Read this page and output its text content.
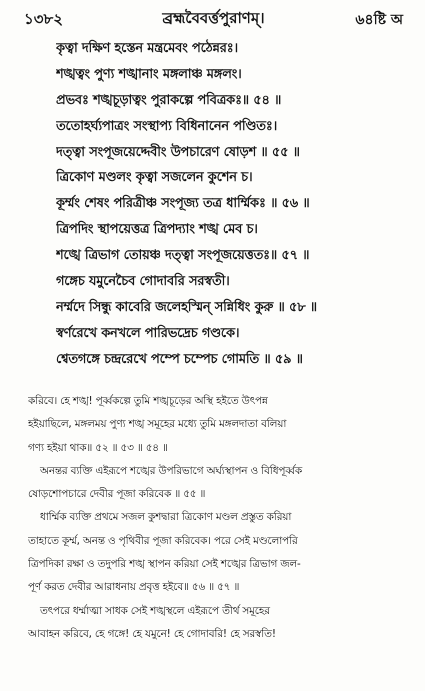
১৩৮২	ব্রহ্মবৈবর্ত্তপুরাণম্‌।	৬৪ষ্টি অ
কৃত্বা দক্ষিণ হস্তেন মন্ত্রমেবং পঠেন্নরঃ।
শঙ্খত্বং পুণ্য শঙ্খানাং মঙ্গলাঞ্চ মঙ্গলং।
প্রভবঃ শঙ্খচূড়াত্বং পুরাকল্পে পবিত্রকঃ॥ ৫৪ ॥
ততোহর্ঘ্যপাত্রং সংস্থাপ্য বিধিনানেন পণ্ডিতঃ।
দত্ত্বা সংপূজয়েদ্দেবীং উপচারেণ ষোড়শ ॥ ৫৫ ॥
ত্রিকোণ মণ্ডলং কৃত্বা সজলেন কুশেন চ।
কূর্ম্মং শেষং পরিত্রীঞ্চ সংপূজ্য তত্র ধার্ম্মিকঃ ॥ ৫৬ ॥
ত্রিপদিং স্থাপয়েত্তত্র ত্রিপদ্যাং শঙ্খ মেব চ।
শঙ্খে ত্রিভাগ তোয়ঞ্চ দত্ত্বা সংপূজয়েত্ততঃ॥ ৫৭ ॥
গঙ্গেচ যমুনেচৈব গোদাবরি সরস্বতী।
নর্ম্মদে সিন্ধু কাবেরি জলেহস্মিন্ সন্নিধিং কুরু ॥ ৫৮ ॥
স্বর্ণরেখে কনখলে পারিভদ্রেচ গণ্ডকে।
শ্বেতগঙ্গে চন্দ্ররেখে পম্পে চম্পেচ গোমতি ॥ ৫৯ ॥
করিবে। হে শঙ্খ! পূর্ব্বকল্পে তুমি শঙ্খচূড়ের অস্থি হইতে উৎপন্ন
হইয়াছিলে, মঙ্গলময় পুণ্য শঙ্খ সমূহের মধ্যে তুমি মঙ্গলদাতা বলিয়া
গণ্য হইয়া থাক॥ ৫২ ॥ ৫৩ ॥ ৫৪ ॥
অনন্তর ব্যক্তি এইরূপে শঙ্খের উপরিভাগে অর্ঘ্যস্থাপন ও বিধিপূর্ব্বক
ষোড়শোপচারে দেবীর পূজা করিবেক ॥ ৫৫ ॥
ধার্ম্মিক ব্যক্তি প্রথমে সজল কুশদ্বারা ত্রিকোণ মণ্ডল প্রস্তুত করিয়া
তাহাতে কূর্ম্ম, অনন্ত ও পৃথিবীর পূজা করিবেক। পরে সেই মণ্ডলোপরি
ত্রিপদিকা রক্ষা ও তদুপরি শঙ্খ স্থাপন করিয়া সেই শঙ্খের ত্রিভাগ জল-
পূর্ণ করত দেবীর আরাধনায় প্রবৃত্ত হইবে॥ ৫৬ ॥ ৫৭ ॥
তৎপরে ধর্ম্মাত্মা সাধক সেই শঙ্খস্থলে এইরূপে তীর্থ সমূহের
আবাহন করিবে, হে গঙ্গে! হে যমুনে! হে গোদাবরি! হে সরস্বতি!
